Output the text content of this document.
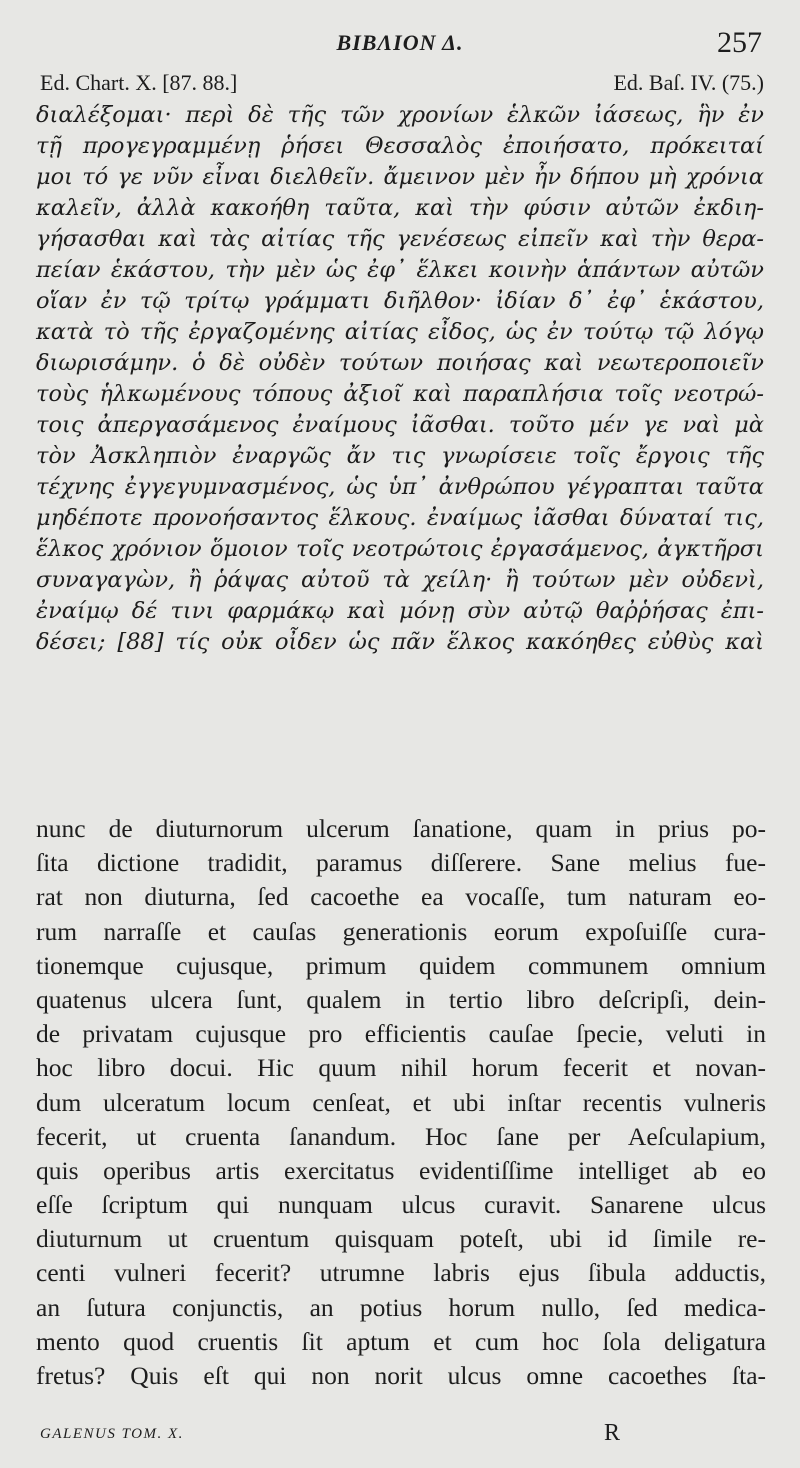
BIBΛΙΟΝ Δ.	257
Ed. Chart. X. [87. 88.]	Ed. Baſ. IV. (75.)
διαλέξομαι· περὶ δὲ τῆς τῶν χρονίων ἑλκῶν ἰάσεως, ἣν ἐν
τῇ προγεγραμμένῃ ῥήσει Θεσσαλὸς ἐποιήσατο, πρόκειταί
μοι τό γε νῦν εἶναι διελθεῖν. ἄμεινον μὲν ἦν δήπου μὴ χρόνια
καλεῖν, ἀλλὰ κακοήθη ταῦτα, καὶ τὴν φύσιν αὐτῶν ἐκδιη-
γήσασθαι καὶ τὰς αἰτίας τῆς γενέσεως εἰπεῖν καὶ τὴν θερα-
πείαν ἑκάστου, τὴν μὲν ὡς ἐφ᾽ ἕλκει κοινὴν ἁπάντων αὐτῶν
οἵαν ἐν τῷ τρίτῳ γράμματι διῆλθον· ἰδίαν δ᾽ ἐφ᾽ ἑκάστου,
κατὰ τὸ τῆς ἐργαζομένης αἰτίας εἶδος, ὡς ἐν τούτῳ τῷ λόγῳ
διωρισάμην. ὁ δὲ οὐδὲν τούτων ποιήσας καὶ νεωτεροποιεῖν
τοὺς ἡλκωμένους τόπους ἀξιοῖ καὶ παραπλήσια τοῖς νεοτρώ-
τοις ἀπεργασάμενος ἐναίμους ἰᾶσθαι. τοῦτο μέν γε ναὶ μὰ
τὸν Ἀσκληπιὸν ἐναργῶς ἄν τις γνωρίσειε τοῖς ἔργοις τῆς
τέχνης ἐγγεγυμνασμένος, ὡς ὑπ᾽ ἀνθρώπου γέγραπται ταῦτα
μηδέποτε προνοήσαντος ἕλκους. ἐναίμως ἰᾶσθαι δύναταί τις,
ἕλκος χρόνιον ὅμοιον τοῖς νεοτρώτοις ἐργασάμενος, ἀγκτῆρσι
συναγαγὼν, ἢ ῥάψας αὐτοῦ τὰ χείλη· ἢ τούτων μὲν οὐδενὶ,
ἐναίμῳ δέ τινι φαρμάκῳ καὶ μόνῃ σὺν αὐτῷ θαῤῥήσας ἐπι-
δέσει; [88] τίς οὐκ οἶδεν ὡς πᾶν ἕλκος κακόηθες εὐθὺς καὶ
nunc de diuturnorum ulcerum ſanatione, quam in prius po-
ſita dictione tradidit, paramus diſſerere. Sane melius fue-
rat non diuturna, ſed cacoethe ea vocaſſe, tum naturam eo-
rum narraſſe et cauſas generationis eorum expoſuiſſe cura-
tionemque cujusque, primum quidem communem omnium
quatenus ulcera ſunt, qualem in tertio libro deſcripſi, dein-
de privatam cujusque pro efficientis cauſae ſpecie, veluti in
hoc libro docui. Hic quum nihil horum fecerit et novan-
dum ulceratum locum cenſeat, et ubi inſtar recentis vulneris
fecerit, ut cruenta ſanandum. Hoc ſane per Aeſculapium,
quis operibus artis exercitatus evidentiſſime intelliget ab eo
eſſe ſcriptum qui nunquam ulcus curavit. Sanarene ulcus
diuturnum ut cruentum quisquam poteſt, ubi id ſimile re-
centi vulneri fecerit? utrumne labris ejus ſibula adductis,
an ſutura conjunctis, an potius horum nullo, ſed medica-
mento quod cruentis ſit aptum et cum hoc ſola deligatura
fretus? Quis eſt qui non norit ulcus omne cacoethes ſta-
GALENUS TOM. X.	R
